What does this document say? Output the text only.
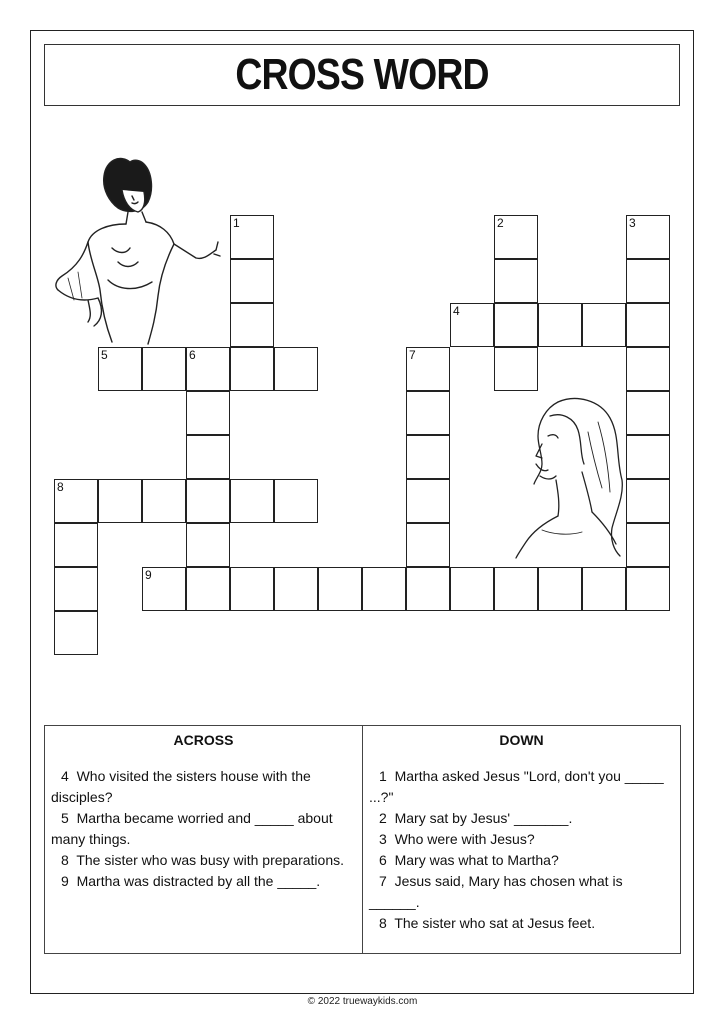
CROSS WORD
1	2	3
4
5	6	7
8
9
ACROSS
4 Who visited the sisters house with the disciples?
5 Martha became worried and _____ about many things.
8 The sister who was busy with preparations.
9 Martha was distracted by all the _____.
DOWN
1 Martha asked Jesus "Lord, don't you _____ ...?"
2 Mary sat by Jesus' _______.
3 Who were with Jesus?
6 Mary was what to Martha?
7 Jesus said, Mary has chosen what is ______.
8 The sister who sat at Jesus feet.
© 2022 truewaykids.com
